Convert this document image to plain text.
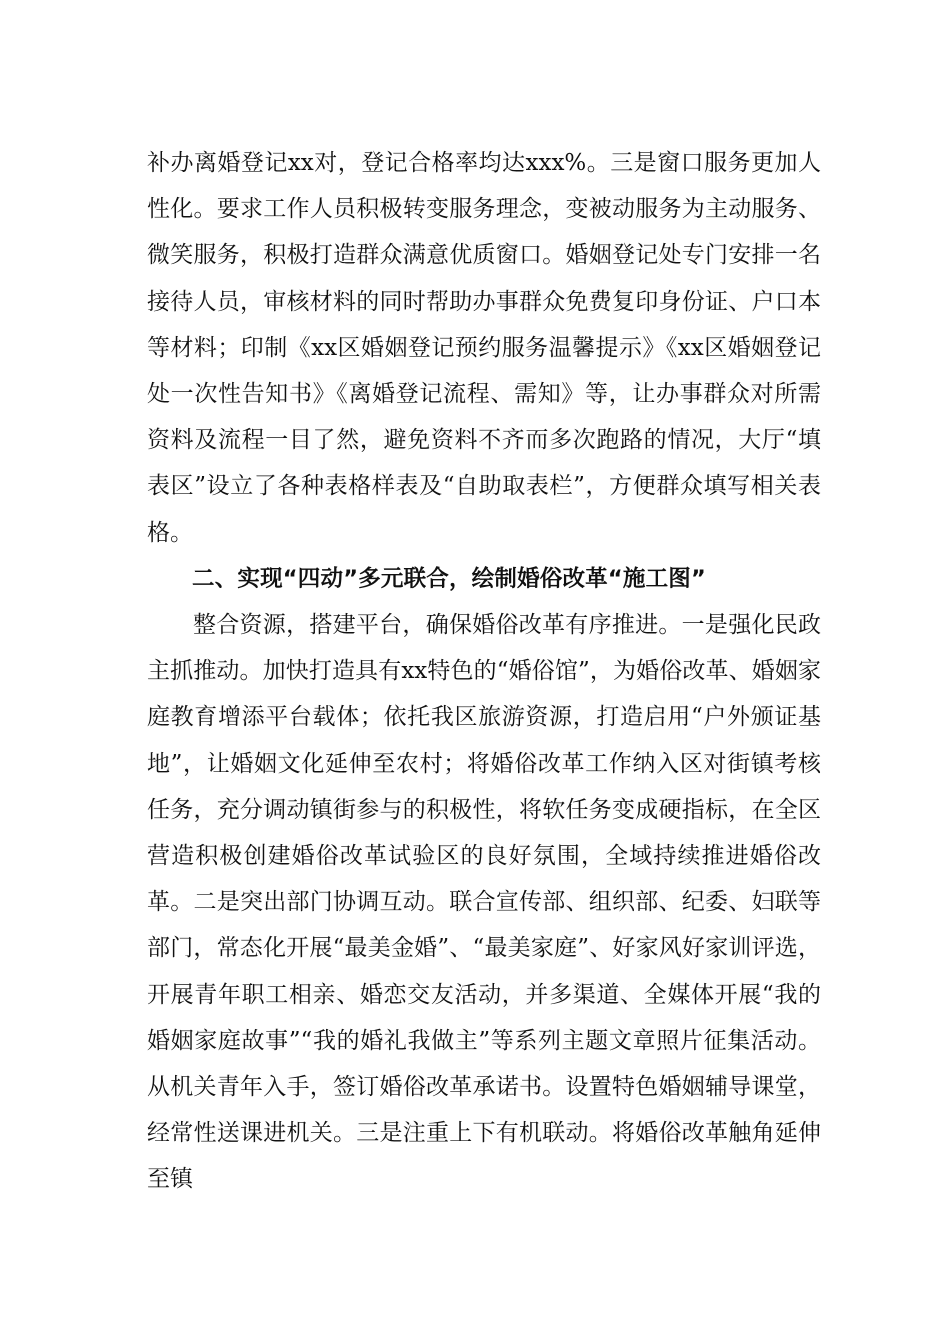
补办离婚登记xx对，登记合格率均达xxx%。三是窗口服务更加人性化。要求工作人员积极转变服务理念，变被动服务为主动服务、微笑服务，积极打造群众满意优质窗口。婚姻登记处专门安排一名接待人员，审核材料的同时帮助办事群众免费复印身份证、户口本等材料；印制《xx区婚姻登记预约服务温馨提示》《xx区婚姻登记处一次性告知书》《离婚登记流程、需知》等，让办事群众对所需资料及流程一目了然，避免资料不齐而多次跑路的情况，大厅“填表区”设立了各种表格样表及“自助取表栏”，方便群众填写相关表格。

二、实现“四动”多元联合，绘制婚俗改革“施工图”

整合资源，搭建平台，确保婚俗改革有序推进。一是强化民政主抓推动。加快打造具有xx特色的“婚俗馆”，为婚俗改革、婚姻家庭教育增添平台载体；依托我区旅游资源，打造启用“户外颁证基地”，让婚姻文化延伸至农村；将婚俗改革工作纳入区对街镇考核任务，充分调动镇街参与的积极性，将软任务变成硬指标，在全区营造积极创建婚俗改革试验区的良好氛围，全域持续推进婚俗改革。二是突出部门协调互动。联合宣传部、组织部、纪委、妇联等部门，常态化开展“最美金婚”、“最美家庭”、好家风好家训评选，开展青年职工相亲、婚恋交友活动，并多渠道、全媒体开展“我的婚姻家庭故事”“我的婚礼我做主”等系列主题文章照片征集活动。从机关青年入手，签订婚俗改革承诺书。设置特色婚姻辅导课堂，经常性送课进机关。三是注重上下有机联动。将婚俗改革触角延伸至镇
